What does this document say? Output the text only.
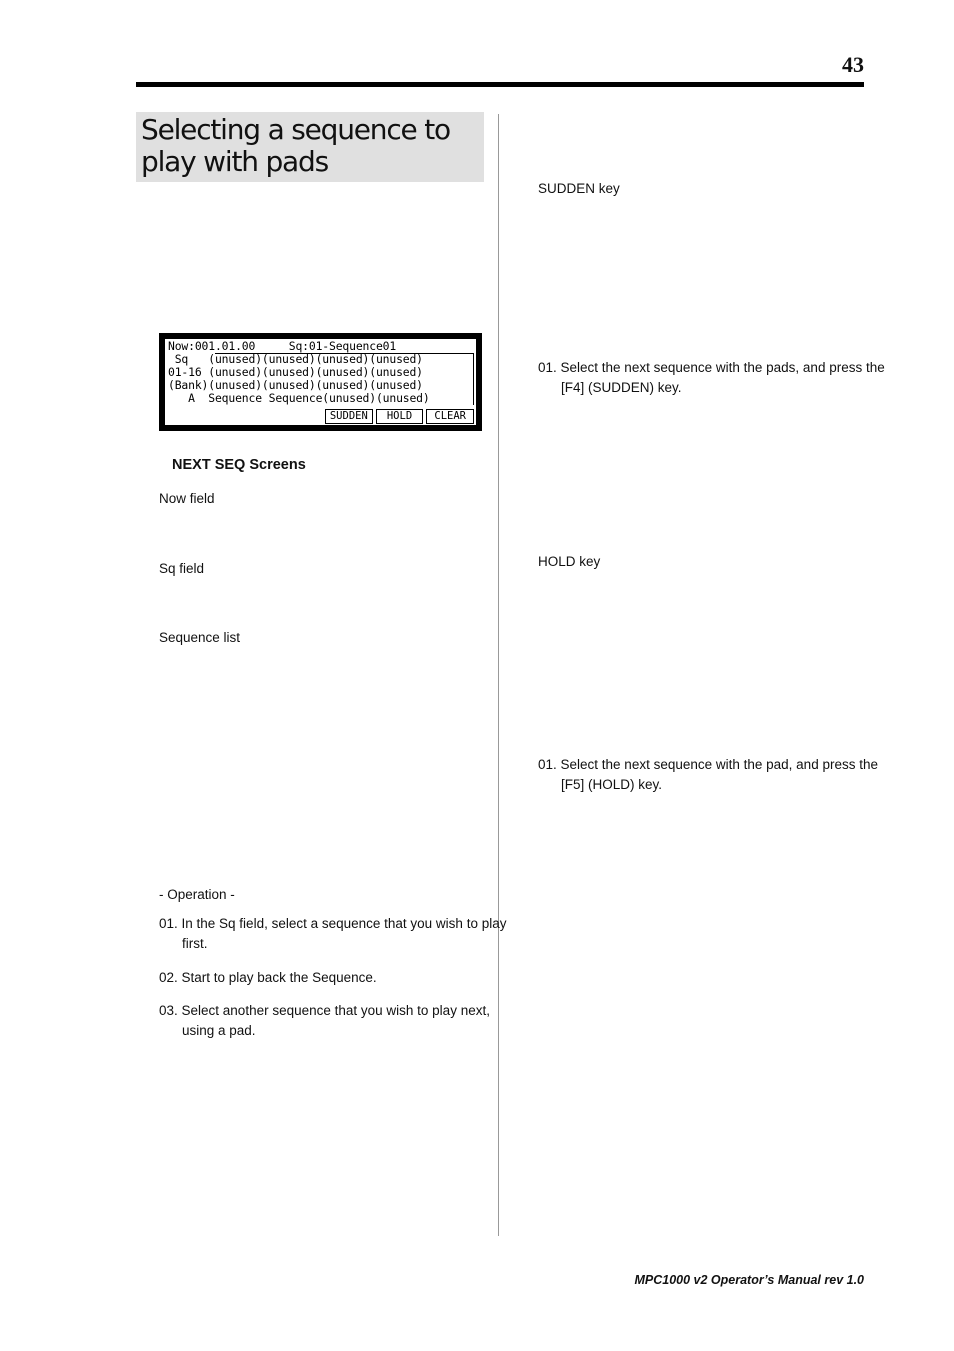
43
Selecting a sequence to play with pads
Now:001.01.00     Sq:01-Sequence01
Sq   (unused)(unused)(unused)(unused)
01-16 (unused)(unused)(unused)(unused)
(Bank)(unused)(unused)(unused)(unused)
A  Sequence Sequence(unused)(unused)
SUDDEN	HOLD	CLEAR
NEXT SEQ Screens
Now field
Sq field
Sequence list
- Operation -
01. In the Sq field, select a sequence that you wish to play first.
02. Start to play back the Sequence.
03. Select another sequence that you wish to play next, using a pad.
SUDDEN key
01. Select the next sequence with the pads, and press the [F4] (SUDDEN) key.
HOLD key
01. Select the next sequence with the pad, and press the [F5] (HOLD) key.
MPC1000 v2 Operator’s Manual rev 1.0
